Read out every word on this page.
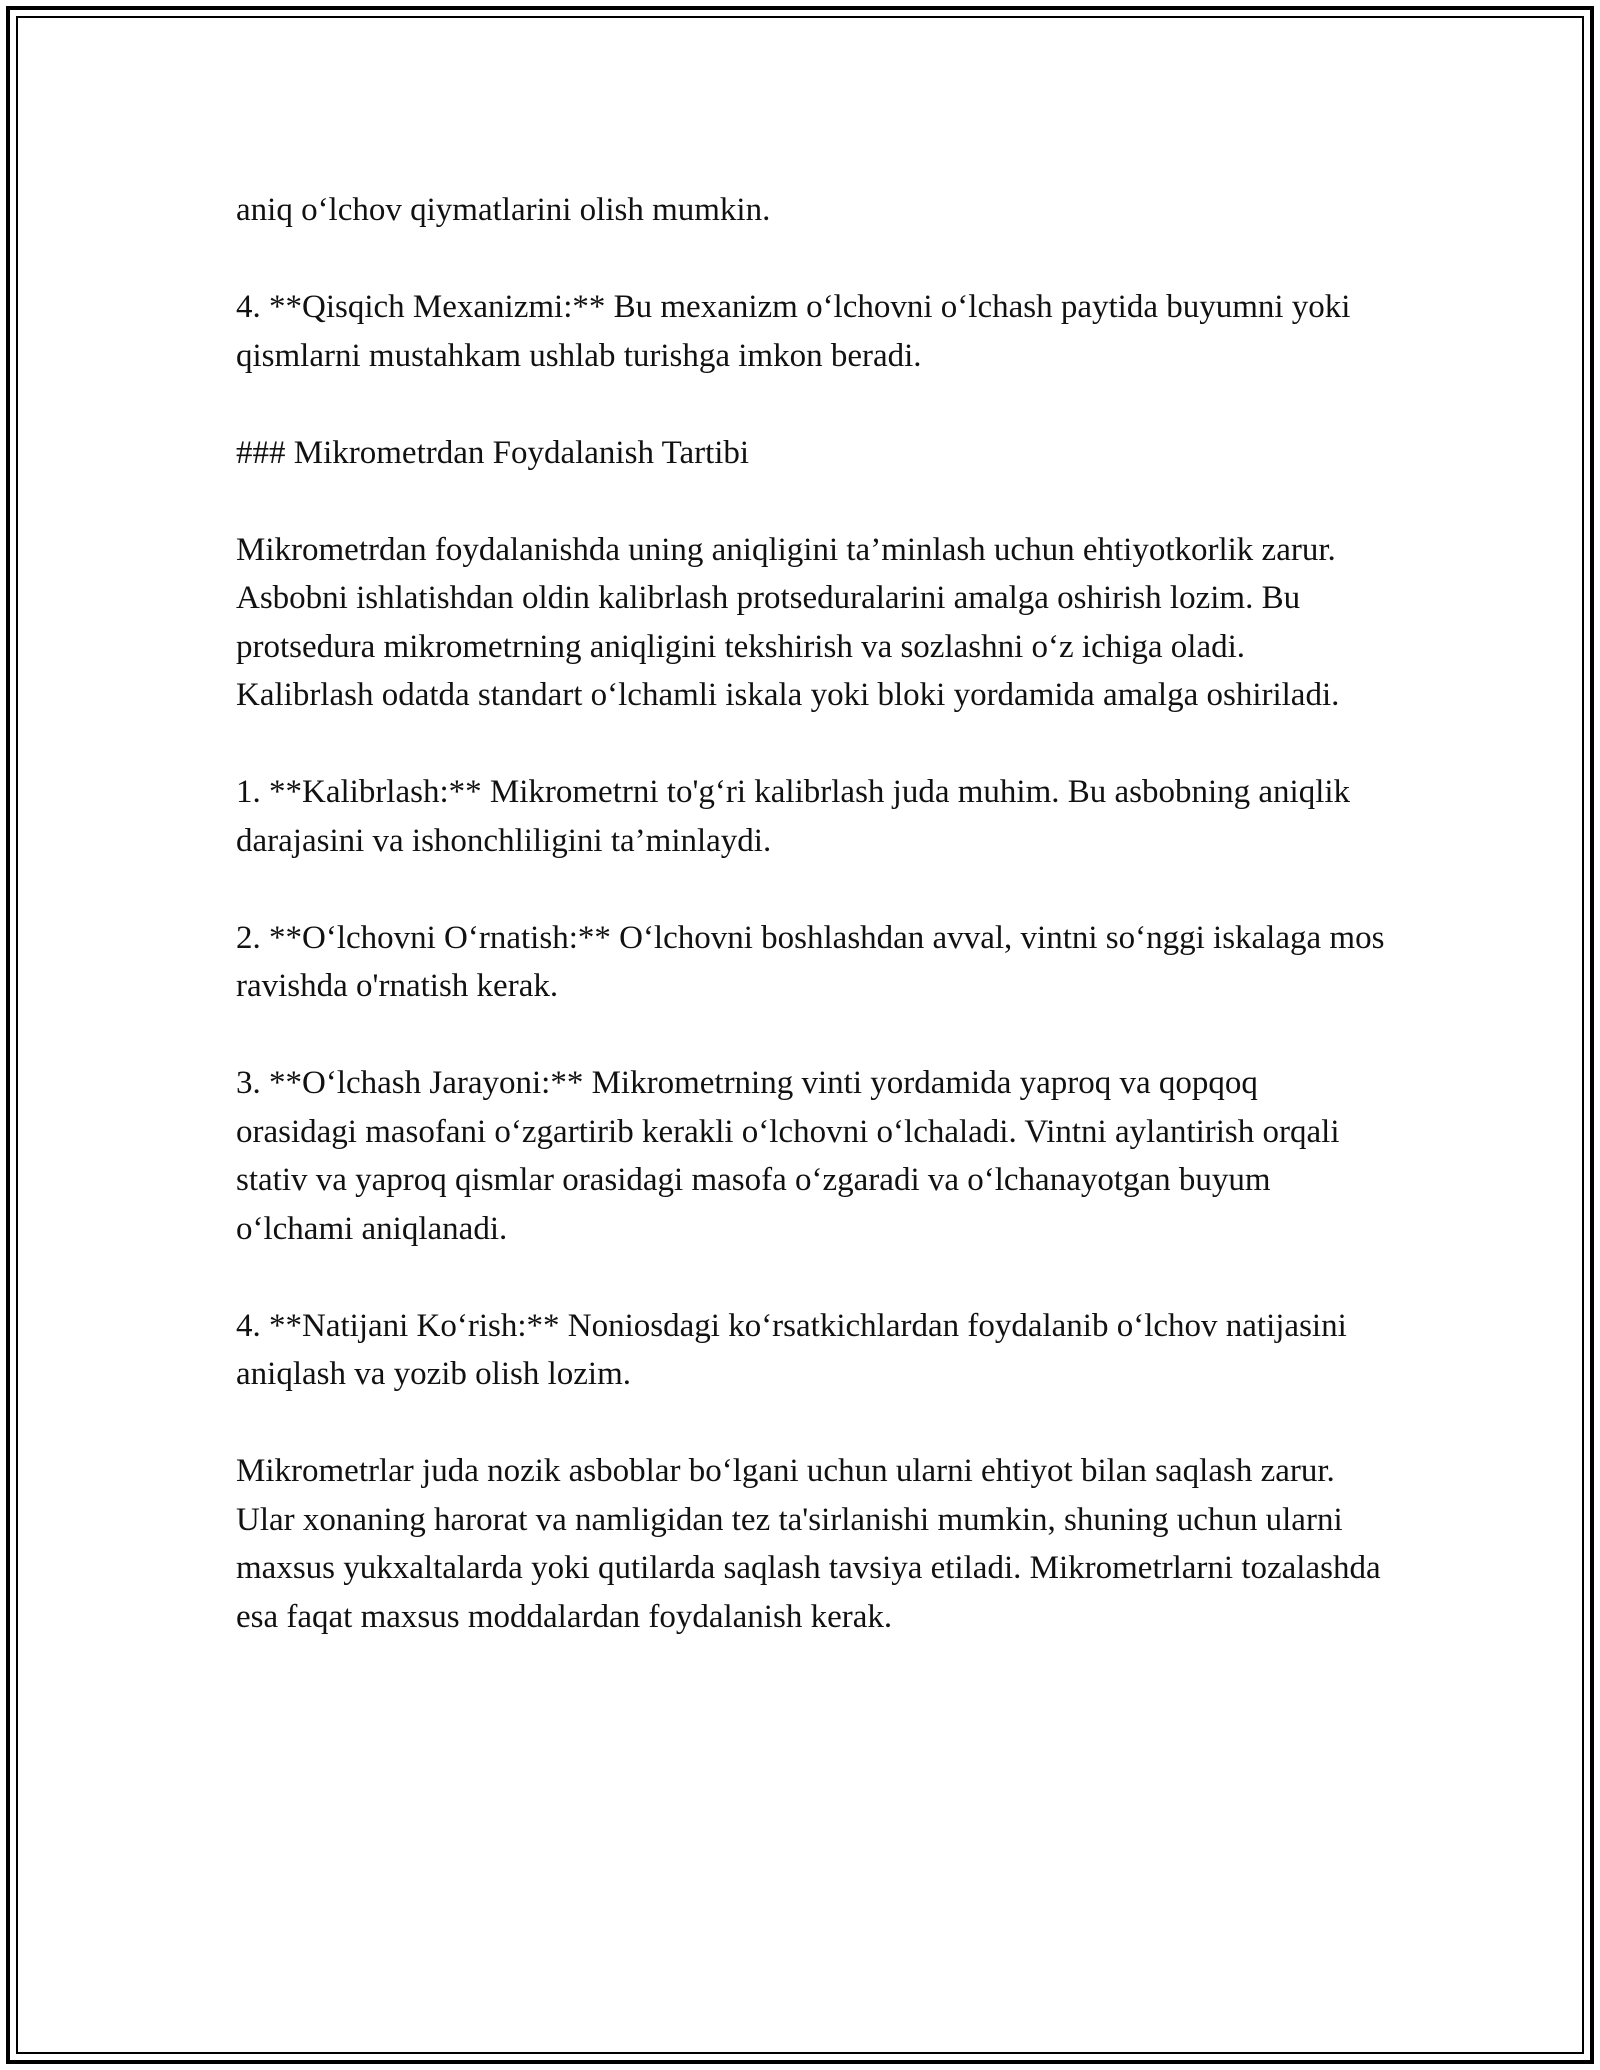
aniq o‘lchov qiymatlarini olish mumkin.

4. **Qisqich Mexanizmi:** Bu mexanizm o‘lchovni o‘lchash paytida buyumni yoki qismlarni mustahkam ushlab turishga imkon beradi.

### Mikrometrdan Foydalanish Tartibi

Mikrometrdan foydalanishda uning aniqligini ta’minlash uchun ehtiyotkorlik zarur. Asbobni ishlatishdan oldin kalibrlash protseduralarini amalga oshirish lozim. Bu protsedura mikrometrning aniqligini tekshirish va sozlashni o‘z ichiga oladi. Kalibrlash odatda standart o‘lchamli iskala yoki bloki yordamida amalga oshiriladi.

1. **Kalibrlash:** Mikrometrni to'g‘ri kalibrlash juda muhim. Bu asbobning aniqlik darajasini va ishonchliligini ta’minlaydi.

2. **O‘lchovni O‘rnatish:** O‘lchovni boshlashdan avval, vintni so‘nggi iskalaga mos ravishda o'rnatish kerak.

3. **O‘lchash Jarayoni:** Mikrometrning vinti yordamida yaproq va qopqoq orasidagi masofani o‘zgartirib kerakli o‘lchovni o‘lchaladi. Vintni aylantirish orqali stativ va yaproq qismlar orasidagi masofa o‘zgaradi va o‘lchanayotgan buyum o‘lchami aniqlanadi.

4. **Natijani Ko‘rish:** Noniosdagi ko‘rsatkichlardan foydalanib o‘lchov natijasini aniqlash va yozib olish lozim.

Mikrometrlar juda nozik asboblar bo‘lgani uchun ularni ehtiyot bilan saqlash zarur. Ular xonaning harorat va namligidan tez ta'sirlanishi mumkin, shuning uchun ularni maxsus yukxaltalarda yoki qutilarda saqlash tavsiya etiladi. Mikrometrlarni tozalashda esa faqat maxsus moddalardan foydalanish kerak.
